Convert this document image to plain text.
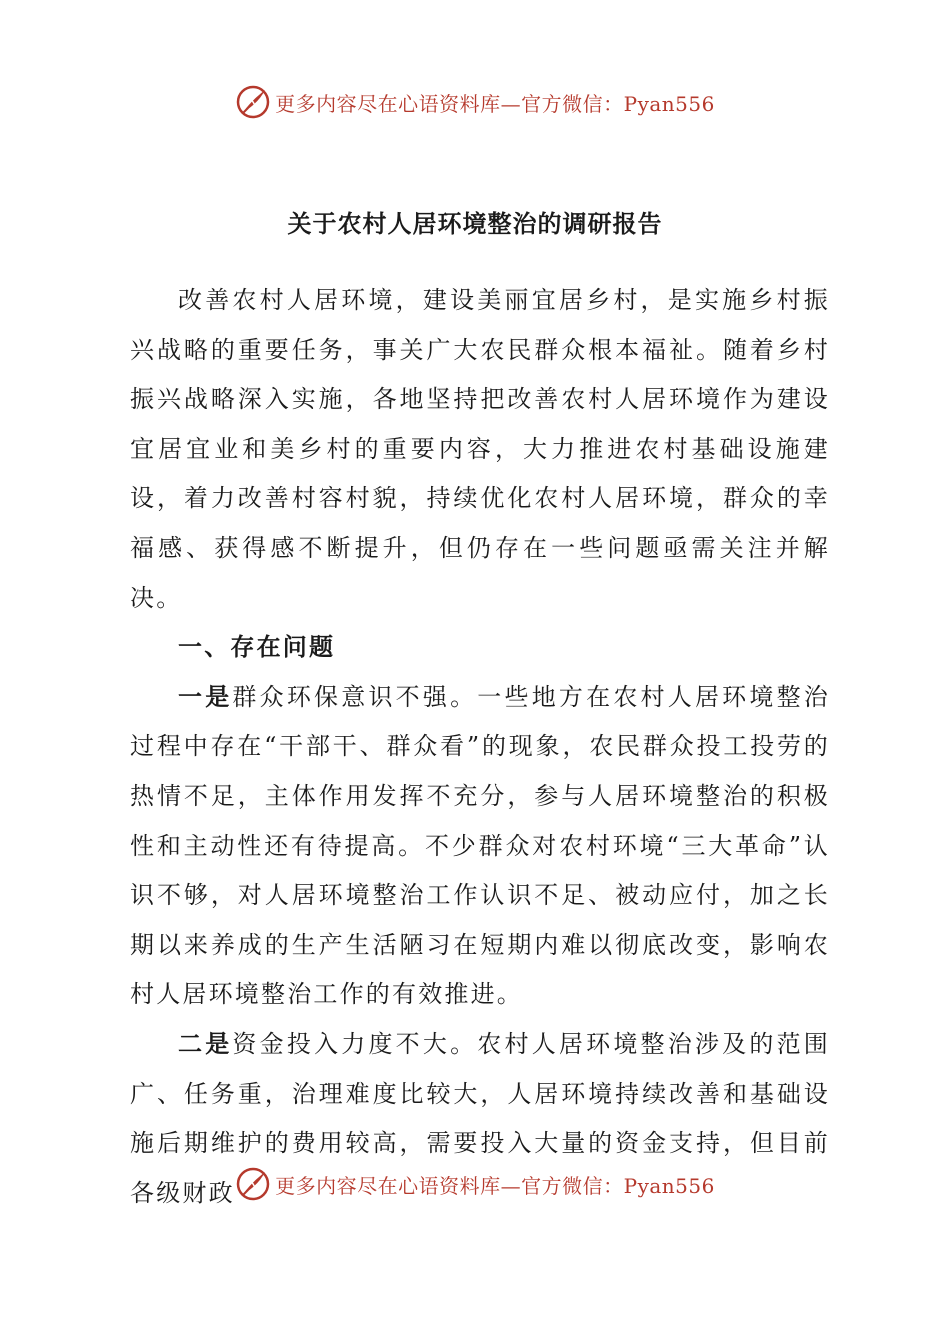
更多内容尽在心语资料库—官方微信：Pyan556
关于农村人居环境整治的调研报告

改善农村人居环境，建设美丽宜居乡村，是实施乡村振兴战略的重要任务，事关广大农民群众根本福祉。随着乡村振兴战略深入实施，各地坚持把改善农村人居环境作为建设宜居宜业和美乡村的重要内容，大力推进农村基础设施建设，着力改善村容村貌，持续优化农村人居环境，群众的幸福感、获得感不断提升，但仍存在一些问题亟需关注并解决。

一、存在问题

一是群众环保意识不强。一些地方在农村人居环境整治过程中存在“干部干、群众看”的现象，农民群众投工投劳的热情不足，主体作用发挥不充分，参与人居环境整治的积极性和主动性还有待提高。不少群众对农村环境“三大革命”认识不够，对人居环境整治工作认识不足、被动应付，加之长期以来养成的生产生活陋习在短期内难以彻底改变，影响农村人居环境整治工作的有效推进。

二是资金投入力度不大。农村人居环境整治涉及的范围广、任务重，治理难度比较大，人居环境持续改善和基础设施后期维护的费用较高，需要投入大量的资金支持，但目前各级财政	更多内容尽在心语资料库—官方微信：Pyan556
